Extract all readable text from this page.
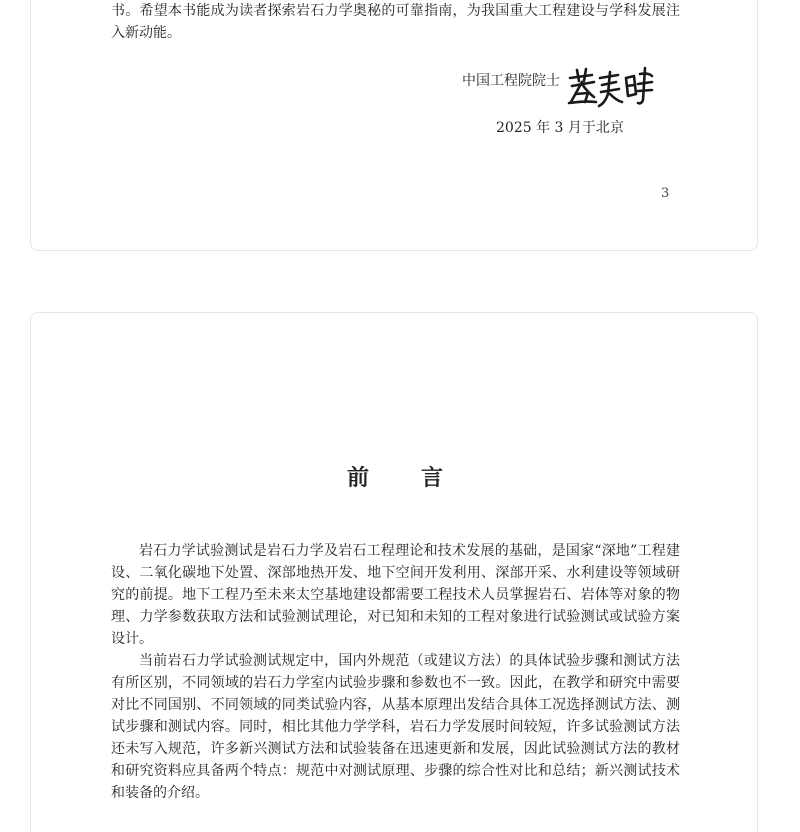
书。希望本书能成为读者探索岩石力学奥秘的可靠指南，为我国重大工程建设与学科发展注入新动能。

中国工程院院士
2025 年 3 月于北京
3
前言

岩石力学试验测试是岩石力学及岩石工程理论和技术发展的基础，是国家“深地”工程建设、二氧化碳地下处置、深部地热开发、地下空间开发利用、深部开采、水利建设等领域研究的前提。地下工程乃至未来太空基地建设都需要工程技术人员掌握岩石、岩体等对象的物理、力学参数获取方法和试验测试理论，对已知和未知的工程对象进行试验测试或试验方案设计。

当前岩石力学试验测试规定中，国内外规范（或建议方法）的具体试验步骤和测试方法有所区别，不同领域的岩石力学室内试验步骤和参数也不一致。因此，在教学和研究中需要对比不同国别、不同领域的同类试验内容，从基本原理出发结合具体工况选择测试方法、测试步骤和测试内容。同时，相比其他力学学科，岩石力学发展时间较短，许多试验测试方法还未写入规范，许多新兴测试方法和试验装备在迅速更新和发展，因此试验测试方法的教材和研究资料应具备两个特点：规范中对测试原理、步骤的综合性对比和总结；新兴测试技术和装备的介绍。
